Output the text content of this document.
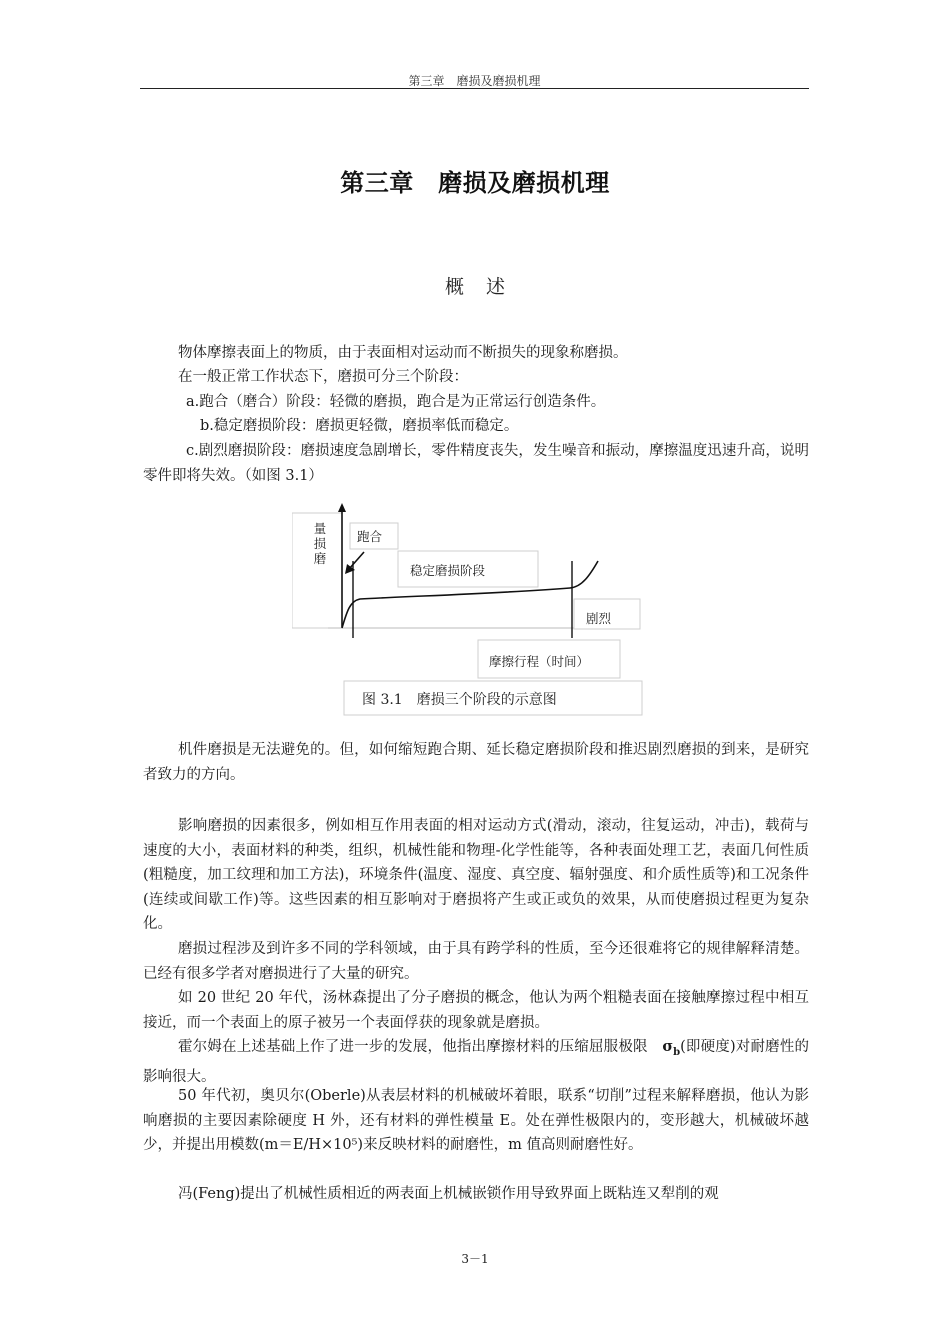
第三章　磨损及磨损机理
第三章　磨损及磨损机理
概述

物体摩擦表面上的物质，由于表面相对运动而不断损失的现象称磨损。

在一般正常工作状态下，磨损可分三个阶段：

a.跑合（磨合）阶段：轻微的磨损，跑合是为正常运行创造条件。

b.稳定磨损阶段：磨损更轻微，磨损率低而稳定。

c.剧烈磨损阶段：磨损速度急剧增长，零件精度丧失，发生噪音和振动，摩擦温度迅速升高，说明零件即将失效。（如图 3.1）

量
损
磨
跑合
稳定磨损阶段
剧烈
摩擦行程（时间）
图 3.1　磨损三个阶段的示意图

机件磨损是无法避免的。但，如何缩短跑合期、延长稳定磨损阶段和推迟剧烈磨损的到来，是研究者致力的方向。

影响磨损的因素很多，例如相互作用表面的相对运动方式(滑动，滚动，往复运动，冲击)，载荷与速度的大小，表面材料的种类，组织，机械性能和物理-化学性能等，各种表面处理工艺，表面几何性质(粗糙度，加工纹理和加工方法)，环境条件(温度、湿度、真空度、辐射强度、和介质性质等)和工况条件(连续或间歇工作)等。这些因素的相互影响对于磨损将产生或正或负的效果，从而使磨损过程更为复杂化。

磨损过程涉及到许多不同的学科领域，由于具有跨学科的性质，至今还很难将它的规律解释清楚。已经有很多学者对磨损进行了大量的研究。

如 20 世纪 20 年代，汤林森提出了分子磨损的概念，他认为两个粗糙表面在接触摩擦过程中相互接近，而一个表面上的原子被另一个表面俘获的现象就是磨损。

霍尔姆在上述基础上作了进一步的发展，他指出摩擦材料的压缩屈服极限　 $\sigma_b$(即硬度)对耐磨性的影响很大。

50 年代初，奥贝尔(Oberle)从表层材料的机械破坏着眼，联系“切削”过程来解释磨损，他认为影响磨损的主要因素除硬度 H 外，还有材料的弹性模量 E。处在弹性极限内的，变形越大，机械破坏越少，并提出用模数(m＝E/H×10⁵)来反映材料的耐磨性，m 值高则耐磨性好。

冯(Feng)提出了机械性质相近的两表面上机械嵌锁作用导致界面上既粘连又犁削的观

3－1
